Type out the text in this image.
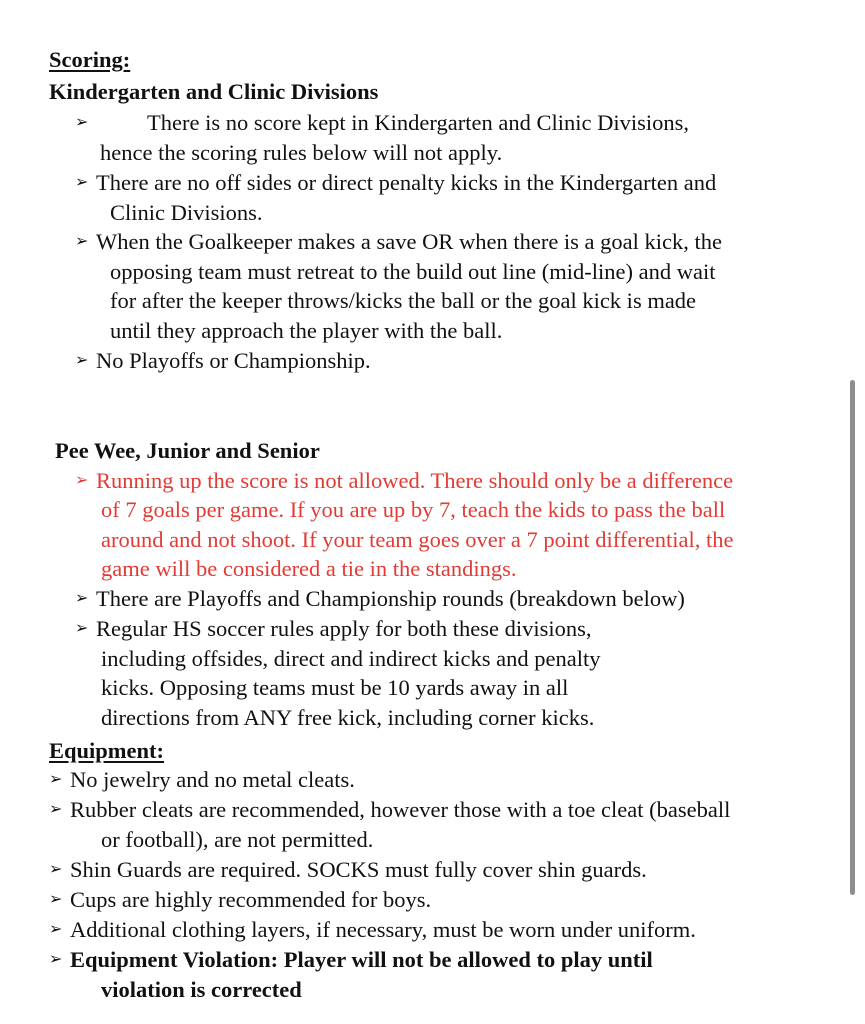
Scoring:
Kindergarten and Clinic Divisions
➢	There is no score kept in Kindergarten and Clinic Divisions,
hence the scoring rules below will not apply.
➢ There are no off sides or direct penalty kicks in the Kindergarten and
Clinic Divisions.
➢ When the Goalkeeper makes a save OR when there is a goal kick, the
opposing team must retreat to the build out line (mid-line) and wait
for after the keeper throws/kicks the ball or the goal kick is made
until they approach the player with the ball.
➢ No Playoffs or Championship.
Pee Wee, Junior and Senior
➢ Running up the score is not allowed. There should only be a difference
of 7 goals per game. If you are up by 7, teach the kids to pass the ball
around and not shoot. If your team goes over a 7 point differential, the
game will be considered a tie in the standings.
➢ There are Playoffs and Championship rounds (breakdown below)
➢ Regular HS soccer rules apply for both these divisions,
including offsides, direct and indirect kicks and penalty
kicks. Opposing teams must be 10 yards away in all
directions from ANY free kick, including corner kicks.
Equipment:
➢ No jewelry and no metal cleats.
➢ Rubber cleats are recommended, however those with a toe cleat (baseball
or football), are not permitted.
➢ Shin Guards are required. SOCKS must fully cover shin guards.
➢ Cups are highly recommended for boys.
➢ Additional clothing layers, if necessary, must be worn under uniform.
➢ Equipment Violation: Player will not be allowed to play until
violation is corrected
